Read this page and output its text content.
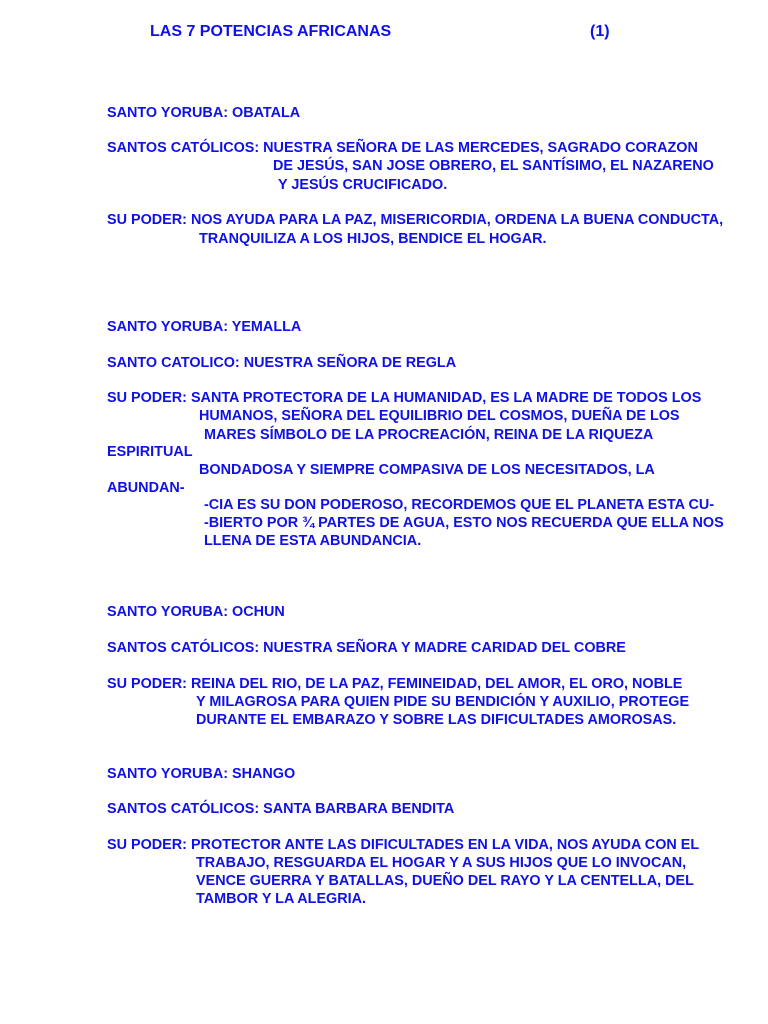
LAS 7 POTENCIAS AFRICANAS	(1)

SANTO YORUBA: OBATALA

SANTOS CATÓLICOS: NUESTRA SEÑORA DE LAS MERCEDES, SAGRADO CORAZON

DE JESÚS, SAN JOSE OBRERO, EL SANTÍSIMO, EL NAZARENO

Y JESÚS CRUCIFICADO.

SU PODER: NOS AYUDA PARA LA PAZ, MISERICORDIA, ORDENA LA BUENA CONDUCTA,

TRANQUILIZA A LOS HIJOS, BENDICE EL HOGAR.

SANTO YORUBA: YEMALLA

SANTO CATOLICO: NUESTRA SEÑORA DE REGLA

SU PODER: SANTA PROTECTORA DE LA HUMANIDAD, ES LA MADRE DE TODOS LOS

HUMANOS, SEÑORA DEL EQUILIBRIO DEL COSMOS, DUEÑA DE LOS

MARES SÍMBOLO DE LA PROCREACIÓN, REINA DE LA RIQUEZA

ESPIRITUAL

BONDADOSA Y SIEMPRE COMPASIVA DE LOS NECESITADOS, LA

ABUNDAN-

-CIA ES SU DON PODEROSO, RECORDEMOS QUE EL PLANETA ESTA CU-

-BIERTO POR ¾ PARTES DE AGUA, ESTO NOS RECUERDA QUE ELLA NOS

LLENA DE ESTA ABUNDANCIA.

SANTO YORUBA: OCHUN

SANTOS CATÓLICOS: NUESTRA SEÑORA Y MADRE CARIDAD DEL COBRE

SU PODER: REINA DEL RIO, DE LA PAZ, FEMINEIDAD, DEL AMOR, EL ORO, NOBLE

Y MILAGROSA PARA QUIEN PIDE SU BENDICIÓN Y AUXILIO, PROTEGE

DURANTE EL EMBARAZO Y SOBRE LAS DIFICULTADES AMOROSAS.

SANTO YORUBA: SHANGO

SANTOS CATÓLICOS: SANTA BARBARA BENDITA

SU PODER: PROTECTOR ANTE LAS DIFICULTADES EN LA VIDA, NOS AYUDA CON EL

TRABAJO, RESGUARDA EL HOGAR Y A SUS HIJOS QUE LO INVOCAN,

VENCE GUERRA Y BATALLAS, DUEÑO DEL RAYO Y LA CENTELLA, DEL

TAMBOR Y LA ALEGRIA.
